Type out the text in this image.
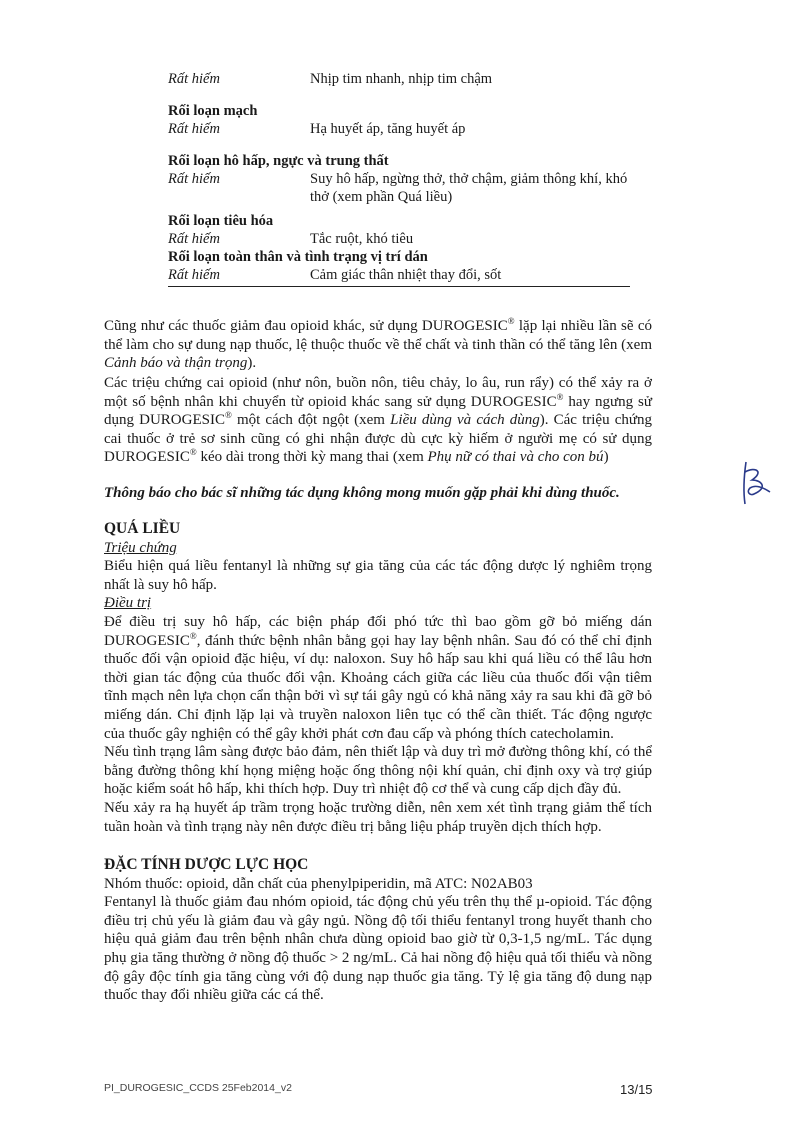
Rất hiếm	Nhịp tim nhanh, nhịp tim chậm
Rối loạn mạch
Rất hiếm	Hạ huyết áp, tăng huyết áp
Rối loạn hô hấp, ngực và trung thất
Rất hiếm	Suy hô hấp, ngừng thở, thở chậm, giảm thông khí, khó thở (xem phần Quá liều)
Rối loạn tiêu hóa
Rất hiếm	Tắc ruột, khó tiêu
Rối loạn toàn thân và tình trạng vị trí dán
Rất hiếm	Cảm giác thân nhiệt thay đổi, sốt

Cũng như các thuốc giảm đau opioid khác, sử dụng DUROGESIC® lặp lại nhiều lần sẽ có thể làm cho sự dung nạp thuốc, lệ thuộc thuốc về thể chất và tinh thần có thể tăng lên (xem Cảnh báo và thận trọng).

Các triệu chứng cai opioid (như nôn, buồn nôn, tiêu chảy, lo âu, run rẩy) có thể xảy ra ở một số bệnh nhân khi chuyển từ opioid khác sang sử dụng DUROGESIC® hay ngưng sử dụng DUROGESIC® một cách đột ngột (xem Liều dùng và cách dùng). Các triệu chứng cai thuốc ở trẻ sơ sinh cũng có ghi nhận được dù cực kỳ hiếm ở người mẹ có sử dụng DUROGESIC® kéo dài trong thời kỳ mang thai (xem Phụ nữ có thai và cho con bú)

Thông báo cho bác sĩ những tác dụng không mong muốn gặp phải khi dùng thuốc.

QUÁ LIỀU

Triệu chứng

Biểu hiện quá liều fentanyl là những sự gia tăng của các tác động dược lý nghiêm trọng nhất là suy hô hấp.

Điều trị

Để điều trị suy hô hấp, các biện pháp đối phó tức thì bao gồm gỡ bỏ miếng dán DUROGESIC®, đánh thức bệnh nhân bằng gọi hay lay bệnh nhân. Sau đó có thể chỉ định thuốc đối vận opioid đặc hiệu, ví dụ: naloxon. Suy hô hấp sau khi quá liều có thể lâu hơn thời gian tác động của thuốc đối vận. Khoảng cách giữa các liều của thuốc đối vận tiêm tĩnh mạch nên lựa chọn cẩn thận bởi vì sự tái gây ngủ có khả năng xảy ra sau khi đã gỡ bỏ miếng dán. Chỉ định lặp lại và truyền naloxon liên tục có thể cần thiết. Tác động ngược của thuốc gây nghiện có thể gây khởi phát cơn đau cấp và phóng thích catecholamin.

Nếu tình trạng lâm sàng được bảo đảm, nên thiết lập và duy trì mở đường thông khí, có thể bằng đường thông khí họng miệng hoặc ống thông nội khí quản, chỉ định oxy và trợ giúp hoặc kiểm soát hô hấp, khi thích hợp. Duy trì nhiệt độ cơ thể và cung cấp dịch đầy đủ.

Nếu xảy ra hạ huyết áp trầm trọng hoặc trường diễn, nên xem xét tình trạng giảm thể tích tuần hoàn và tình trạng này nên được điều trị bằng liệu pháp truyền dịch thích hợp.

ĐẶC TÍNH DƯỢC LỰC HỌC

Nhóm thuốc: opioid, dẫn chất của phenylpiperidin, mã ATC: N02AB03

Fentanyl là thuốc giảm đau nhóm opioid, tác động chủ yếu trên thụ thể µ-opioid. Tác động điều trị chủ yếu là giảm đau và gây ngủ. Nồng độ tối thiểu fentanyl trong huyết thanh cho hiệu quả giảm đau trên bệnh nhân chưa dùng opioid bao giờ từ 0,3-1,5 ng/mL. Tác dụng phụ gia tăng thường ở nồng độ thuốc > 2 ng/mL. Cả hai nồng độ hiệu quả tối thiểu và nồng độ gây độc tính gia tăng cùng với độ dung nạp thuốc gia tăng. Tỷ lệ gia tăng độ dung nạp thuốc thay đổi nhiều giữa các cá thể.

PI_DUROGESIC_CCDS 25Feb2014_v2	13/15
